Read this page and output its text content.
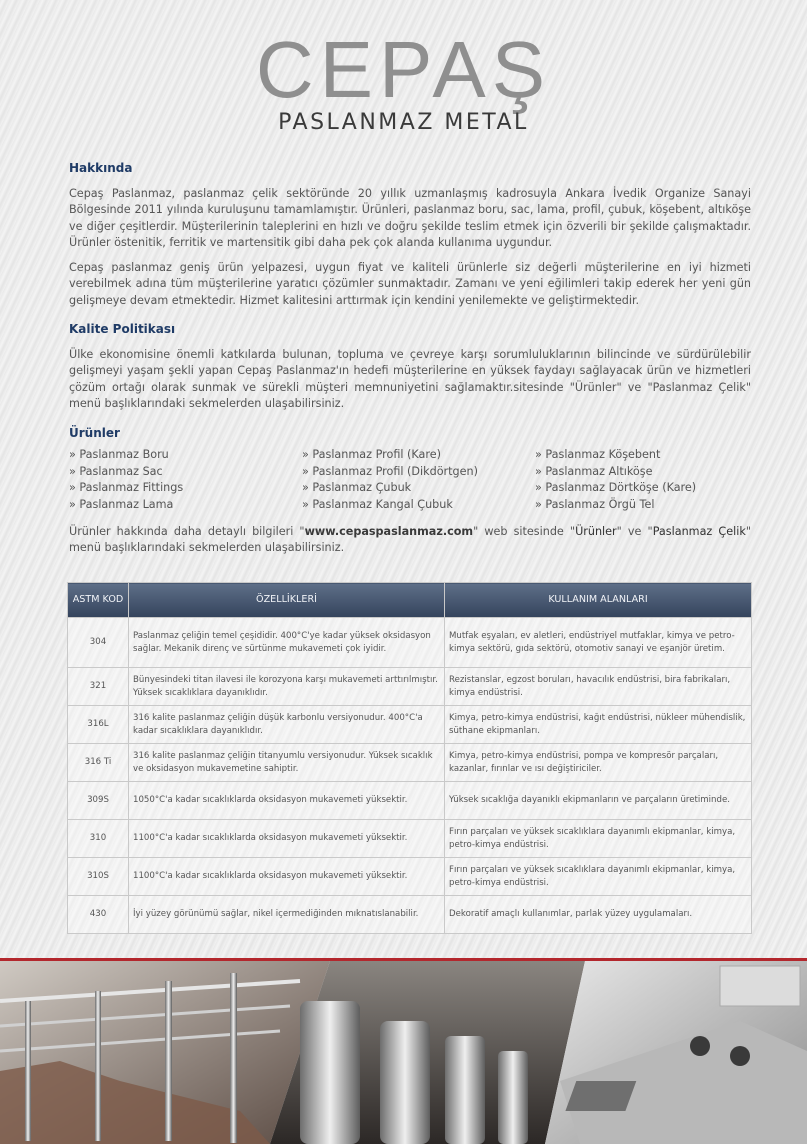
CEPAŞ
PASLANMAZ METAL
Hakkında

Cepaş Paslanmaz, paslanmaz çelik sektöründe 20 yıllık uzmanlaşmış kadrosuyla Ankara İvedik Organize Sanayi Bölgesinde 2011 yılında kuruluşunu tamamlamıştır. Ürünleri, paslanmaz boru, sac, lama, profil, çubuk, köşebent, altıköşe ve diğer çeşitlerdir. Müşterilerinin taleplerini en hızlı ve doğru şekilde teslim etmek için özverili bir şekilde çalışmaktadır. Ürünler östenitik, ferritik ve martensitik gibi daha pek çok alanda kullanıma uygundur.

Cepaş paslanmaz geniş ürün yelpazesi, uygun fiyat ve kaliteli ürünlerle siz değerli müşterilerine en iyi hizmeti verebilmek adına tüm müşterilerine yaratıcı çözümler sunmaktadır. Zamanı ve yeni eğilimleri takip ederek her yeni gün gelişmeye devam etmektedir. Hizmet kalitesini arttırmak için kendini yenilemekte ve geliştirmektedir.

Kalite Politikası

Ülke ekonomisine önemli katkılarda bulunan, topluma ve çevreye karşı sorumluluklarının bilincinde ve sürdürülebilir gelişmeyi yaşam şekli yapan Cepaş Paslanmaz'ın hedefi müşterilerine en yüksek faydayı sağlayacak ürün ve hizmetleri çözüm ortağı olarak sunmak ve sürekli müşteri memnuniyetini sağlamaktır.sitesinde "Ürünler" ve "Paslanmaz Çelik" menü başlıklarındaki sekmelerden ulaşabilirsiniz.

Ürünler
» Paslanmaz Boru	» Paslanmaz Profil (Kare)	» Paslanmaz Köşebent
» Paslanmaz Sac	» Paslanmaz Profil (Dikdörtgen)	» Paslanmaz Altıköşe
» Paslanmaz Fittings	» Paslanmaz Çubuk	» Paslanmaz Dörtköşe (Kare)
» Paslanmaz Lama	» Paslanmaz Kangal Çubuk	» Paslanmaz Örgü Tel

Ürünler hakkında daha detaylı bilgileri "www.cepaspaslanmaz.com" web sitesinde "Ürünler" ve "Paslanmaz Çelik" menü başlıklarındaki sekmelerden ulaşabilirsiniz.

ASTM KOD	ÖZELLİKLERİ	KULLANIM ALANLARI
304	Paslanmaz çeliğin temel çeşididir. 400°C'ye kadar yüksek oksidasyon sağlar. Mekanik direnç ve sürtünme mukavemeti çok iyidir.	Mutfak eşyaları, ev aletleri, endüstriyel mutfaklar, kimya ve petro-kimya sektörü, gıda sektörü, otomotiv sanayi ve eşanjör üretim.
321	Bünyesindeki titan ilavesi ile korozyona karşı mukavemeti arttırılmıştır. Yüksek sıcaklıklara dayanıklıdır.	Rezistanslar, egzost boruları, havacılık endüstrisi, bira fabrikaları, kimya endüstrisi.
316L	316 kalite paslanmaz çeliğin düşük karbonlu versiyonudur. 400°C'a kadar sıcaklıklara dayanıklıdır.	Kimya, petro-kimya endüstrisi, kağıt endüstrisi, nükleer mühendislik, süthane ekipmanları.
316 Ti	316 kalite paslanmaz çeliğin titanyumlu versiyonudur. Yüksek sıcaklık ve oksidasyon mukavemetine sahiptir.	Kimya, petro-kimya endüstrisi, pompa ve kompresör parçaları, kazanlar, fırınlar ve ısı değiştiriciler.
309S	1050°C'a kadar sıcaklıklarda oksidasyon mukavemeti yüksektir.	Yüksek sıcaklığa dayanıklı ekipmanların ve parçaların üretiminde.
310	1100°C'a kadar sıcaklıklarda oksidasyon mukavemeti yüksektir.	Fırın parçaları ve yüksek sıcaklıklara dayanımlı ekipmanlar, kimya, petro-kimya endüstrisi.
310S	1100°C'a kadar sıcaklıklarda oksidasyon mukavemeti yüksektir.	Fırın parçaları ve yüksek sıcaklıklara dayanımlı ekipmanlar, kimya, petro-kimya endüstrisi.
430	İyi yüzey görünümü sağlar, nikel içermediğinden mıknatıslanabilir.	Dekoratif amaçlı kullanımlar, parlak yüzey uygulamaları.
